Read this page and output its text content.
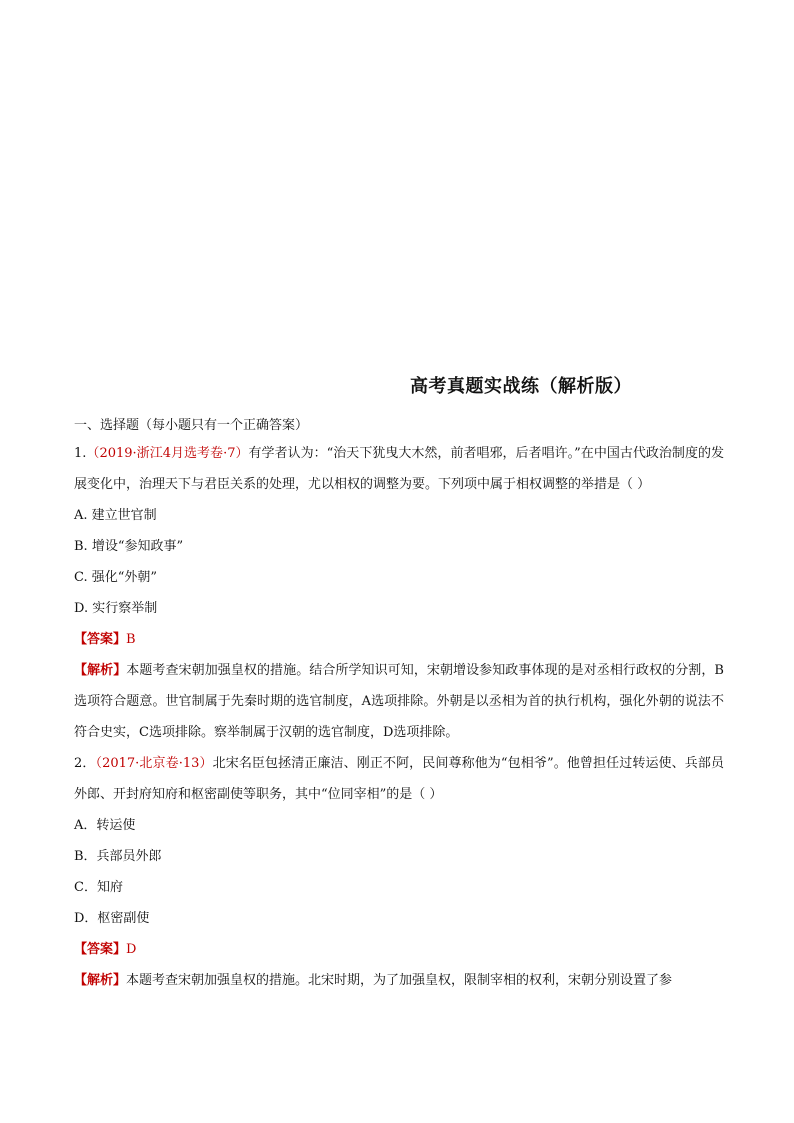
高考真题实战练（解析版）
一、选择题（每小题只有一个正确答案）

1.（2019·浙江4月选考卷·7）有学者认为：“治天下犹曳大木然，前者唱邪，后者唱许。”在中国古代政治制度的发展变化中，治理天下与君臣关系的处理，尤以相权的调整为要。下列项中属于相权调整的举措是（ ）

A. 建立世官制

B. 增设“参知政事”

C. 强化“外朝”

D. 实行察举制

【答案】B

【解析】本题考查宋朝加强皇权的措施。结合所学知识可知，宋朝增设参知政事体现的是对丞相行政权的分割，B选项符合题意。世官制属于先秦时期的选官制度，A选项排除。外朝是以丞相为首的执行机构，强化外朝的说法不符合史实，C选项排除。察举制属于汉朝的选官制度，D选项排除。

2．（2017·北京卷·13）北宋名臣包拯清正廉洁、刚正不阿，民间尊称他为“包相爷”。他曾担任过转运使、兵部员外郎、开封府知府和枢密副使等职务，其中“位同宰相”的是（ ）

A．转运使

B．兵部员外郎

C．知府

D．枢密副使

【答案】D

【解析】本题考查宋朝加强皇权的措施。北宋时期，为了加强皇权，限制宰相的权利，宋朝分别设置了参
